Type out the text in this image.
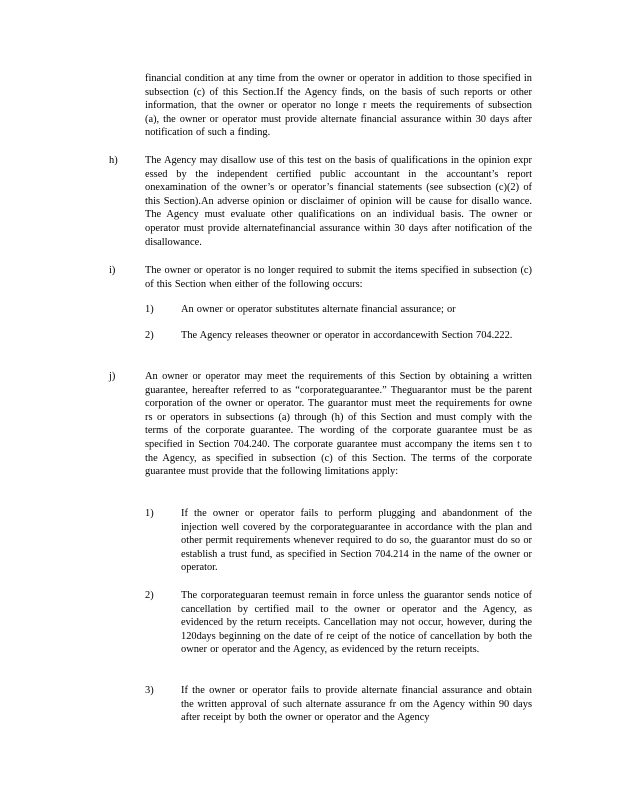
financial condition at any time from the owner or operator in addition to those specified in subsection (c) of this Section.If the Agency finds, on the basis of such reports or other information, that the owner or operator no longe r meets the requirements of subsection (a), the owner or operator must provide alternate financial assurance within 30 days after notification of such a finding.

h)	The Agency may disallow use of this test on the basis of qualifications in the opinion expr essed by the independent certified public accountant in the accountant’s report onexamination of the owner’s or operator’s financial statements (see subsection (c)(2) of this Section).An adverse opinion or disclaimer of opinion will be cause for disallo wance. The Agency must evaluate other qualifications on an individual basis. The owner or operator must provide alternatefinancial assurance within 30 days after notification of the disallowance.

i)	The owner or operator is no longer required to submit the items specified in subsection (c) of this Section when either of the following occurs:

1)	An owner or operator substitutes alternate financial assurance; or

2)	The Agency releases theowner or operator in accordancewith Section 704.222.

j)	An owner or operator may meet the requirements of this Section by obtaining a written guarantee, hereafter referred to as “corporateguarantee.” Theguarantor must be the parent corporation of the owner or operator. The guarantor must meet the requirements for owne rs or operators in subsections (a) through (h) of this Section and must comply with the terms of the corporate guarantee. The wording of the corporate guarantee must be as specified in Section 704.240. The corporate guarantee must accompany the items sen t to the Agency, as specified in subsection (c) of this Section. The terms of the corporate guarantee must provide that the following limitations apply:

1)	If the owner or operator fails to perform plugging and abandonment of the injection well covered by the corporateguarantee in accordance with the plan and other permit requirements whenever required to do so, the guarantor must do so or establish a trust fund, as specified in Section 704.214 in the name of the owner or operator.

2)	The corporateguaran teemust remain in force unless the guarantor sends notice of cancellation by certified mail to the owner or operator and the Agency, as evidenced by the return receipts. Cancellation may not occur, however, during the 120days beginning on the date of re ceipt of the notice of cancellation by both the owner or operator and the Agency, as evidenced by the return receipts.

3)	If the owner or operator fails to provide alternate financial assurance and obtain the written approval of such alternate assurance fr om the Agency within 90 days after receipt by both the owner or operator and the Agency
